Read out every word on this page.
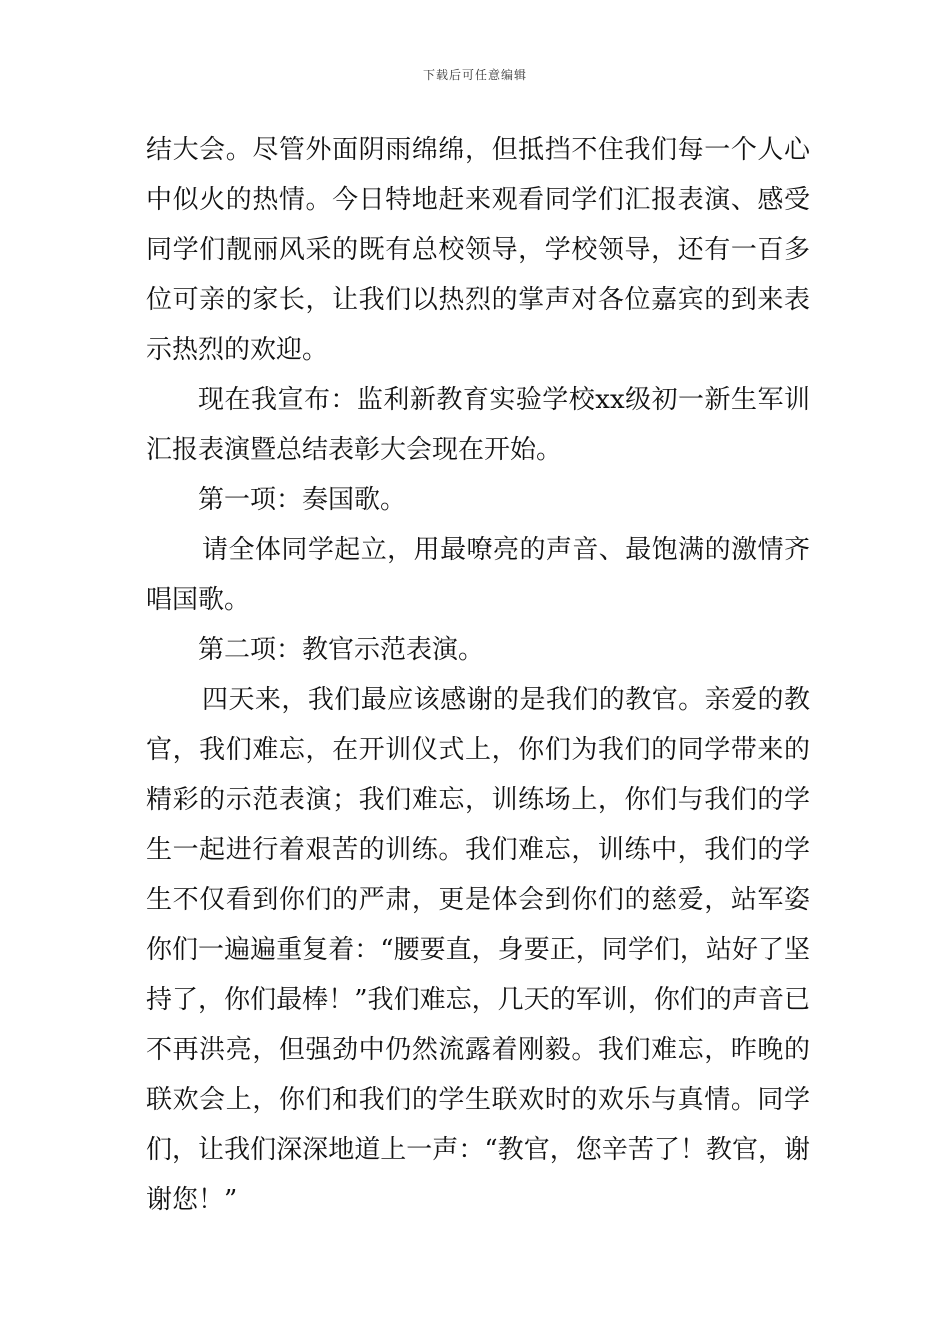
下载后可任意编辑

结大会。尽管外面阴雨绵绵，但抵挡不住我们每一个人心中似火的热情。今日特地赶来观看同学们汇报表演、感受同学们靓丽风采的既有总校领导，学校领导，还有一百多位可亲的家长，让我们以热烈的掌声对各位嘉宾的到来表示热烈的欢迎。

现在我宣布：监利新教育实验学校xx级初一新生军训汇报表演暨总结表彰大会现在开始。

第一项：奏国歌。

请全体同学起立，用最嘹亮的声音、最饱满的激情齐唱国歌。

第二项：教官示范表演。

四天来，我们最应该感谢的是我们的教官。亲爱的教官，我们难忘，在开训仪式上，你们为我们的同学带来的精彩的示范表演；我们难忘，训练场上，你们与我们的学生一起进行着艰苦的训练。我们难忘，训练中，我们的学生不仅看到你们的严肃，更是体会到你们的慈爱，站军姿你们一遍遍重复着：“腰要直，身要正，同学们，站好了坚持了，你们最棒！”我们难忘，几天的军训，你们的声音已不再洪亮，但强劲中仍然流露着刚毅。我们难忘，昨晚的联欢会上，你们和我们的学生联欢时的欢乐与真情。同学们，让我们深深地道上一声：“教官，您辛苦了！教官，谢谢您！”
